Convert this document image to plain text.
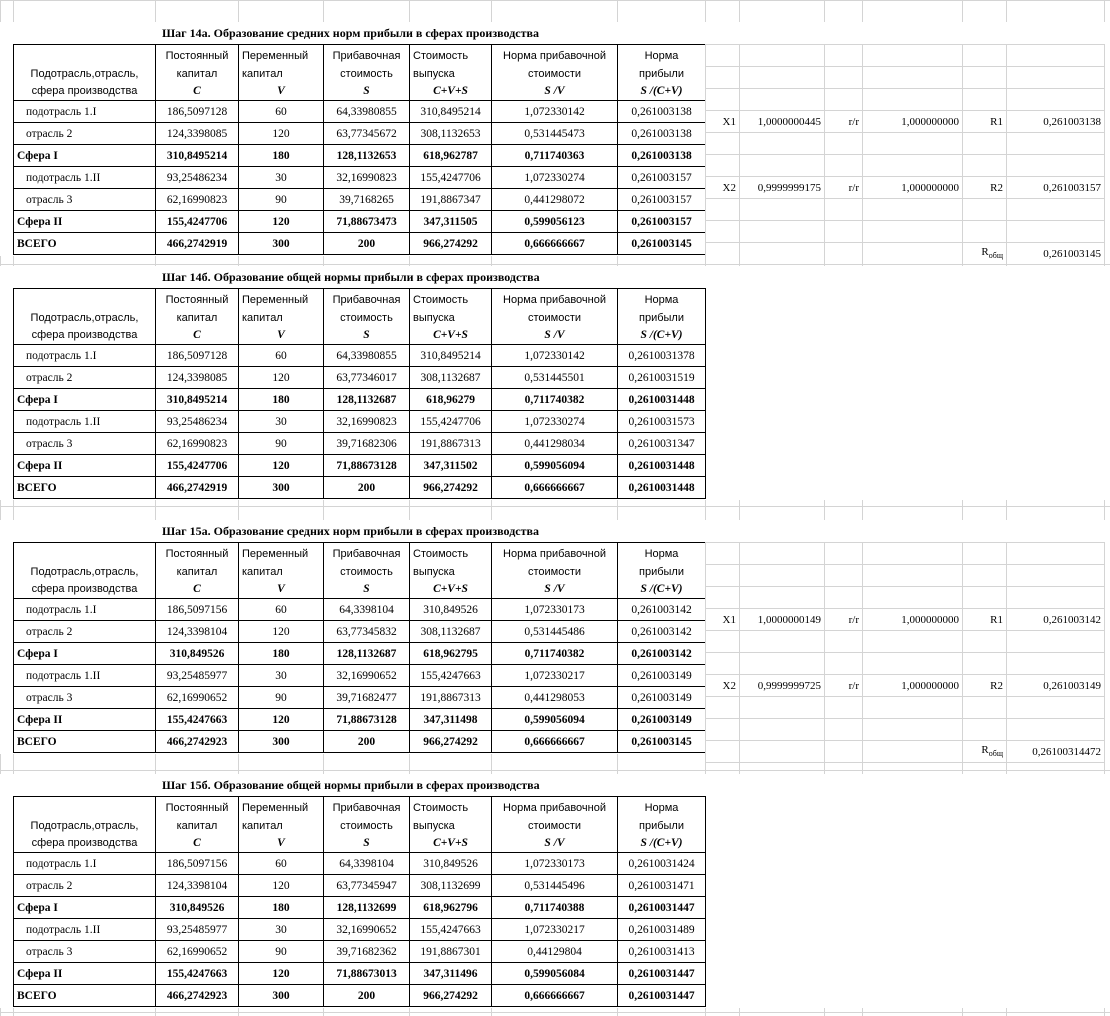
Шаг 14а. Образование средних норм прибыли в сферах производства
Подотрасль,отрасль, сфера производства	Постоянный	Переменный	Прибавочная	Стоимость	Норма прибавочной	Норма
	капитал	капитал	стоимость	выпуска	стоимости	прибыли
	C	V	S	C+V+S	S /V	S /(C+V)
подотрасль 1.I	186,5097128	60	64,33980855	310,8495214	1,072330142	0,261003138
отрасль 2	124,3398085	120	63,77345672	308,1132653	0,531445473	0,261003138
Сфера I	310,8495214	180	128,1132653	618,962787	0,711740363	0,261003138
подотрасль 1.II	93,25486234	30	32,16990823	155,4247706	1,072330274	0,261003157
отрасль 3	62,16990823	90	39,7168265	191,8867347	0,441298072	0,261003157
Сфера II	155,4247706	120	71,88673473	347,311505	0,599056123	0,261003157
ВСЕГО	466,2742919	300	200	966,274292	0,666666667	0,261003145

X1	1,0000000445	r/r	1,000000000	R1	0,261003138

X2	0,9999999175	r/r	1,000000000	R2	0,261003157

				$R_{общ}$	0,261003145
Шаг 14б. Образование общей нормы прибыли в сферах производства
Подотрасль,отрасль, сфера производства	Постоянный	Переменный	Прибавочная	Стоимость	Норма прибавочной	Норма
	капитал	капитал	стоимость	выпуска	стоимости	прибыли
	C	V	S	C+V+S	S /V	S /(C+V)
подотрасль 1.I	186,5097128	60	64,33980855	310,8495214	1,072330142	0,2610031378
отрасль 2	124,3398085	120	63,77346017	308,1132687	0,531445501	0,2610031519
Сфера I	310,8495214	180	128,1132687	618,96279	0,711740382	0,2610031448
подотрасль 1.II	93,25486234	30	32,16990823	155,4247706	1,072330274	0,2610031573
отрасль 3	62,16990823	90	39,71682306	191,8867313	0,441298034	0,2610031347
Сфера II	155,4247706	120	71,88673128	347,311502	0,599056094	0,2610031448
ВСЕГО	466,2742919	300	200	966,274292	0,666666667	0,2610031448
Шаг 15а. Образование средних норм прибыли в сферах производства
Подотрасль,отрасль, сфера производства	Постоянный	Переменный	Прибавочная	Стоимость	Норма прибавочной	Норма
	капитал	капитал	стоимость	выпуска	стоимости	прибыли
	C	V	S	C+V+S	S /V	S /(C+V)
подотрасль 1.I	186,5097156	60	64,3398104	310,849526	1,072330173	0,261003142
отрасль 2	124,3398104	120	63,77345832	308,1132687	0,531445486	0,261003142
Сфера I	310,849526	180	128,1132687	618,962795	0,711740382	0,261003142
подотрасль 1.II	93,25485977	30	32,16990652	155,4247663	1,072330217	0,261003149
отрасль 3	62,16990652	90	39,71682477	191,8867313	0,441298053	0,261003149
Сфера II	155,4247663	120	71,88673128	347,311498	0,599056094	0,261003149
ВСЕГО	466,2742923	300	200	966,274292	0,666666667	0,261003145

X1	1,0000000149	r/r	1,000000000	R1	0,261003142

X2	0,9999999725	r/r	1,000000000	R2	0,261003149

				$R_{общ}$	0,26100314472
Шаг 15б. Образование общей нормы прибыли в сферах производства
Подотрасль,отрасль, сфера производства	Постоянный	Переменный	Прибавочная	Стоимость	Норма прибавочной	Норма
	капитал	капитал	стоимость	выпуска	стоимости	прибыли
	C	V	S	C+V+S	S /V	S /(C+V)
подотрасль 1.I	186,5097156	60	64,3398104	310,849526	1,072330173	0,2610031424
отрасль 2	124,3398104	120	63,77345947	308,1132699	0,531445496	0,2610031471
Сфера I	310,849526	180	128,1132699	618,962796	0,711740388	0,2610031447
подотрасль 1.II	93,25485977	30	32,16990652	155,4247663	1,072330217	0,2610031489
отрасль 3	62,16990652	90	39,71682362	191,8867301	0,44129804	0,2610031413
Сфера II	155,4247663	120	71,88673013	347,311496	0,599056084	0,2610031447
ВСЕГО	466,2742923	300	200	966,274292	0,666666667	0,2610031447
